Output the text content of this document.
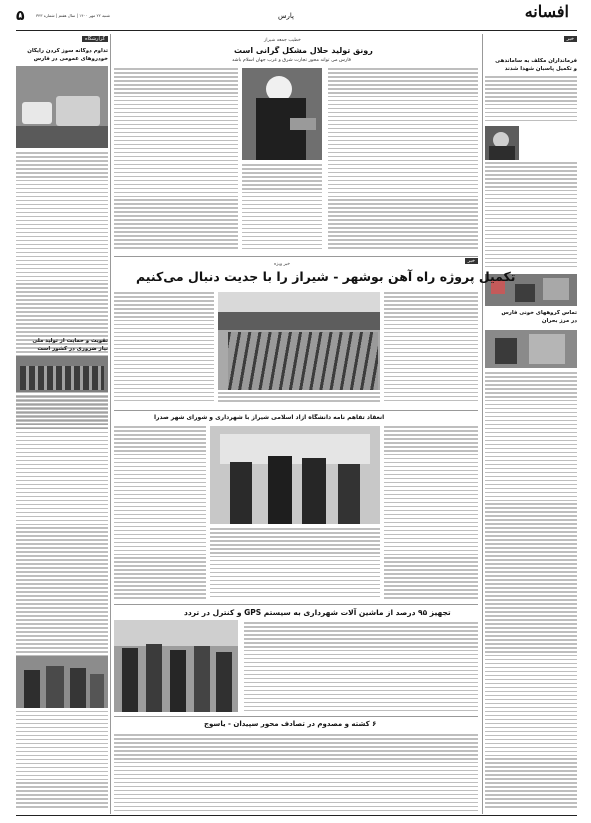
۵	شنبه ۲۲ مهر ۱۴۰۰ | سال هفتم | شماره ۳۴۳	پارس	افسانه
خبر
فرمانداران مکلف به ساماندهی
و تکمیل پاسبان شهدا شدند
تماس گروههای خونی فارس
در مرز بحران
گزارشگاه
تداوم دوگانه سوز کردن رایگان
خودروهای عمومی در فارس
تقویت و حمایت از تولید ملی
نیاز ضروری در کشور است
خطیب جمعه شیراز
رونق تولید حلال مشکل گرانی است
فارس می تواند محور تجارت شرق و غرب جهان اسلام باشد
خبر
خبر ویژه
تکمیل پروژه راه آهن بوشهر - شیراز را با جدیت دنبال می‌کنیم
انعقاد تفاهم نامه دانشگاه آزاد اسلامی شیراز با شهرداری و شورای شهر صدرا
تجهیز ۹۵ درصد از ماشین آلات شهرداری به سیستم GPS و کنترل در تردد
۶ کشته و مصدوم در تصادف محور سپیدان - یاسوج
